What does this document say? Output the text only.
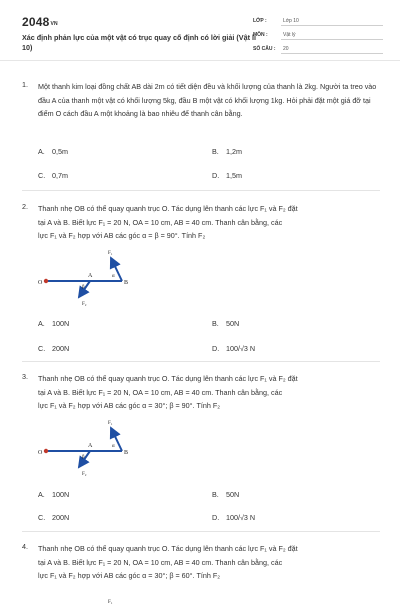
2048VN
Xác định phản lực của một vật có trục quay cố định có lời giải (Vật lí 10)
LỚP :	Lớp 10
MÔN :	Vật lý
SỐ CÂU : 20
1. Một thanh kim loại đồng chất AB dài 2m có tiết diện đều và khối lượng của thanh là 2kg. Người ta treo vào đầu A của thanh một vật có khối lượng 5kg, đầu B một vật có khối lượng 1kg. Hỏi phải đặt một giá đỡ tại điểm O cách đầu A một khoảng là bao nhiêu để thanh cân bằng.
A. 0,5m	B. 1,2m
C. 0,7m	D. 1,5m
2. Thanh nhẹ OB có thể quay quanh trục O. Tác dụng lên thanh các lực F₁ và F₂ đặt
tại A và B. Biết lực F₁ = 20 N, OA = 10 cm, AB = 40 cm. Thanh cân bằng, các
lực F₁ và F₂ hợp với AB các góc α = β = 90°. Tính F₂
O
A
B
F₁
F₂
α
β
A. 100N	B. 50N
C. 200N	D. 100/√3 N
3. Thanh nhẹ OB có thể quay quanh trục O. Tác dụng lên thanh các lực F₁ và F₂ đặt
tại A và B. Biết lực F₁ = 20 N, OA = 10 cm, AB = 40 cm. Thanh cân bằng, các
lực F₁ và F₂ hợp với AB các góc α = 30°; β = 90°. Tính F₂
O
A
B
F₁
F₂
α
β
A. 100N	B. 50N
C. 200N	D. 100/√3 N
4. Thanh nhẹ OB có thể quay quanh trục O. Tác dụng lên thanh các lực F₁ và F₂ đặt
tại A và B. Biết lực F₁ = 20 N, OA = 10 cm, AB = 40 cm. Thanh cân bằng, các
lực F₁ và F₂ hợp với AB các góc α = 30°; β = 60°. Tính F₂
F₁
